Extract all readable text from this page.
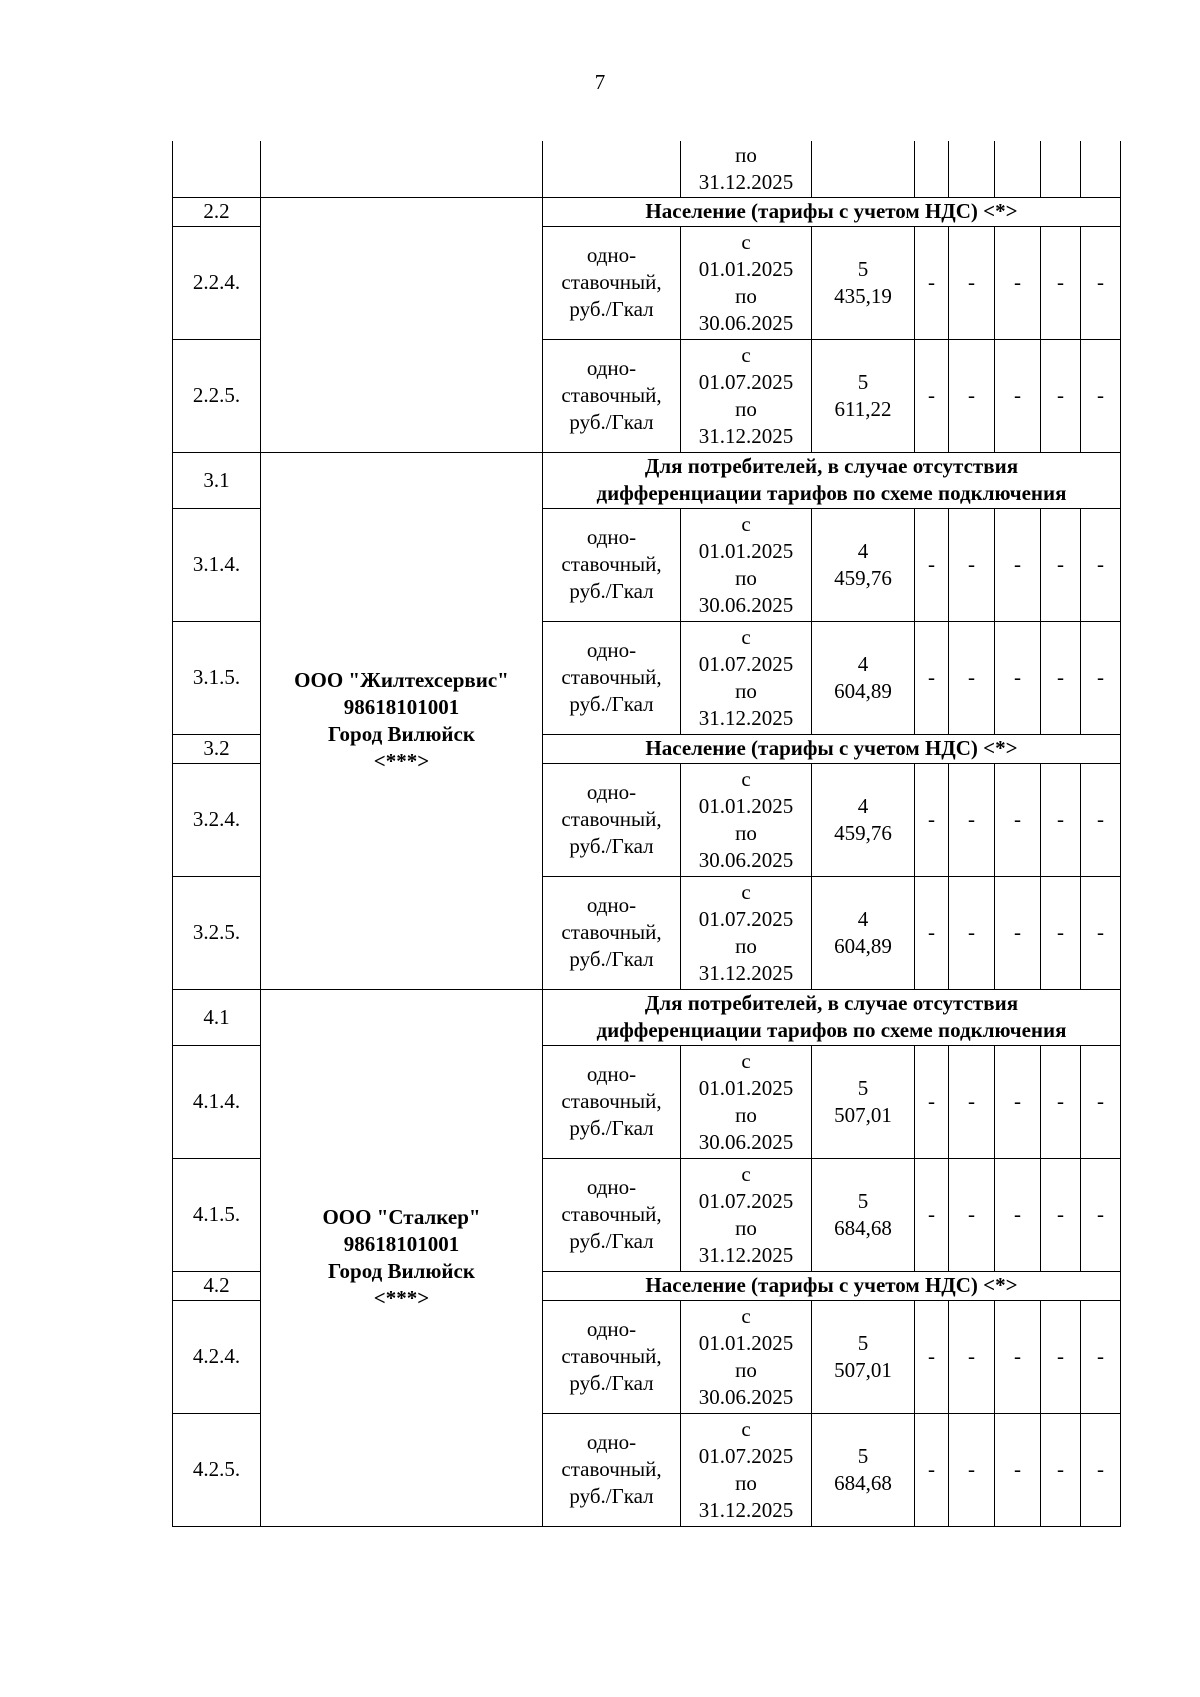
7

			по
31.12.2025						

2.2		Население (тарифы с учетом НДС) <*>							

2.2.4.		одно-
ставочный,
руб./Гкал	с
01.01.2025
по
30.06.2025	5
435,19	-	-	-	-	-
2.2.5.		одно-
ставочный,
руб./Гкал	с
01.07.2025
по
31.12.2025	5
611,22	-	-	-	-	-
3.1	ООО "Жилтехсервис"
98618101001
Город Вилюйск
<***>	Для потребителей, в случае отсутствия
дифференциации тарифов по схеме подключения							

3.1.4.		одно-
ставочный,
руб./Гкал	с
01.01.2025
по
30.06.2025	4
459,76	-	-	-	-	-
3.1.5.		одно-
ставочный,
руб./Гкал	с
01.07.2025
по
31.12.2025	4
604,89	-	-	-	-	-
3.2		Население (тарифы с учетом НДС) <*>							

3.2.4.		одно-
ставочный,
руб./Гкал	с
01.01.2025
по
30.06.2025	4
459,76	-	-	-	-	-
3.2.5.		одно-
ставочный,
руб./Гкал	с
01.07.2025
по
31.12.2025	4
604,89	-	-	-	-	-
4.1	ООО "Сталкер"
98618101001
Город Вилюйск
<***>	Для потребителей, в случае отсутствия
дифференциации тарифов по схеме подключения							

4.1.4.		одно-
ставочный,
руб./Гкал	с
01.01.2025
по
30.06.2025	5
507,01	-	-	-	-	-
4.1.5.		одно-
ставочный,
руб./Гкал	с
01.07.2025
по
31.12.2025	5
684,68	-	-	-	-	-
4.2		Население (тарифы с учетом НДС) <*>							

4.2.4.		одно-
ставочный,
руб./Гкал	с
01.01.2025
по
30.06.2025	5
507,01	-	-	-	-	-
4.2.5.		одно-
ставочный,
руб./Гкал	с
01.07.2025
по
31.12.2025	5
684,68	-	-	-	-	-
